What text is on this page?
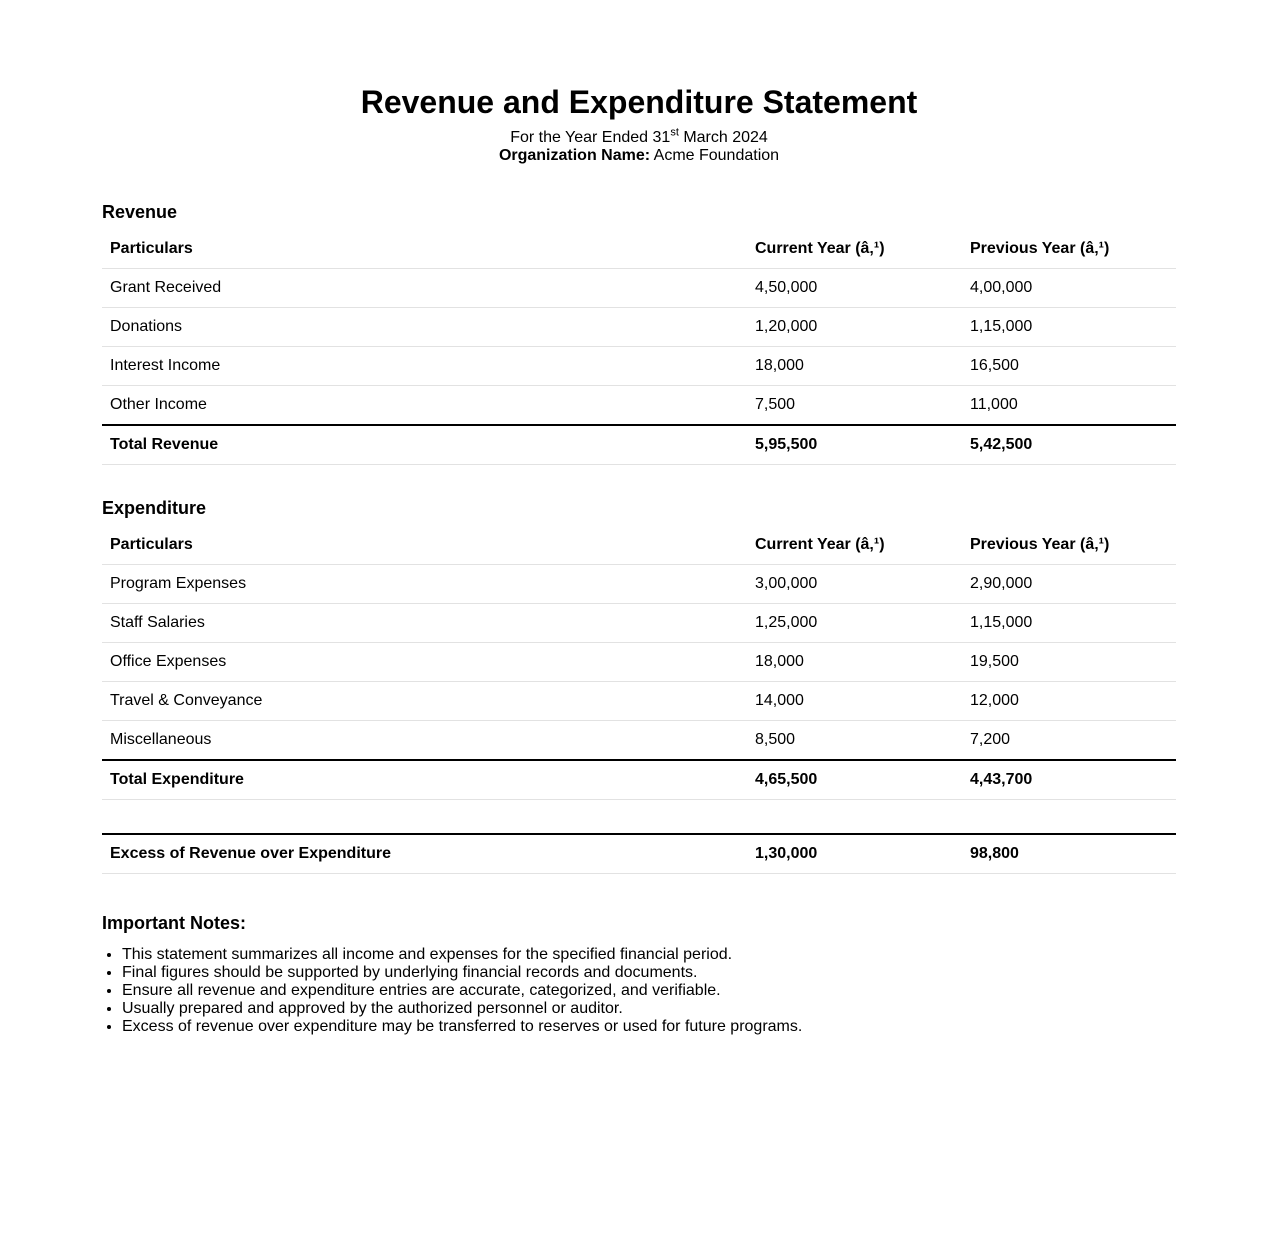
Revenue and Expenditure Statement
For the Year Ended 31st March 2024
Organization Name: Acme Foundation
Revenue
Particulars	Current Year (â‚¹)	Previous Year (â‚¹)
Grant Received	4,50,000	4,00,000
Donations	1,20,000	1,15,000
Interest Income	18,000	16,500
Other Income	7,500	11,000
Total Revenue	5,95,500	5,42,500
Expenditure
Particulars	Current Year (â‚¹)	Previous Year (â‚¹)
Program Expenses	3,00,000	2,90,000
Staff Salaries	1,25,000	1,15,000
Office Expenses	18,000	19,500
Travel & Conveyance	14,000	12,000
Miscellaneous	8,500	7,200
Total Expenditure	4,65,500	4,43,700
Excess of Revenue over Expenditure	1,30,000	98,800
Important Notes:
• This statement summarizes all income and expenses for the specified financial period.
• Final figures should be supported by underlying financial records and documents.
• Ensure all revenue and expenditure entries are accurate, categorized, and verifiable.
• Usually prepared and approved by the authorized personnel or auditor.
• Excess of revenue over expenditure may be transferred to reserves or used for future programs.
